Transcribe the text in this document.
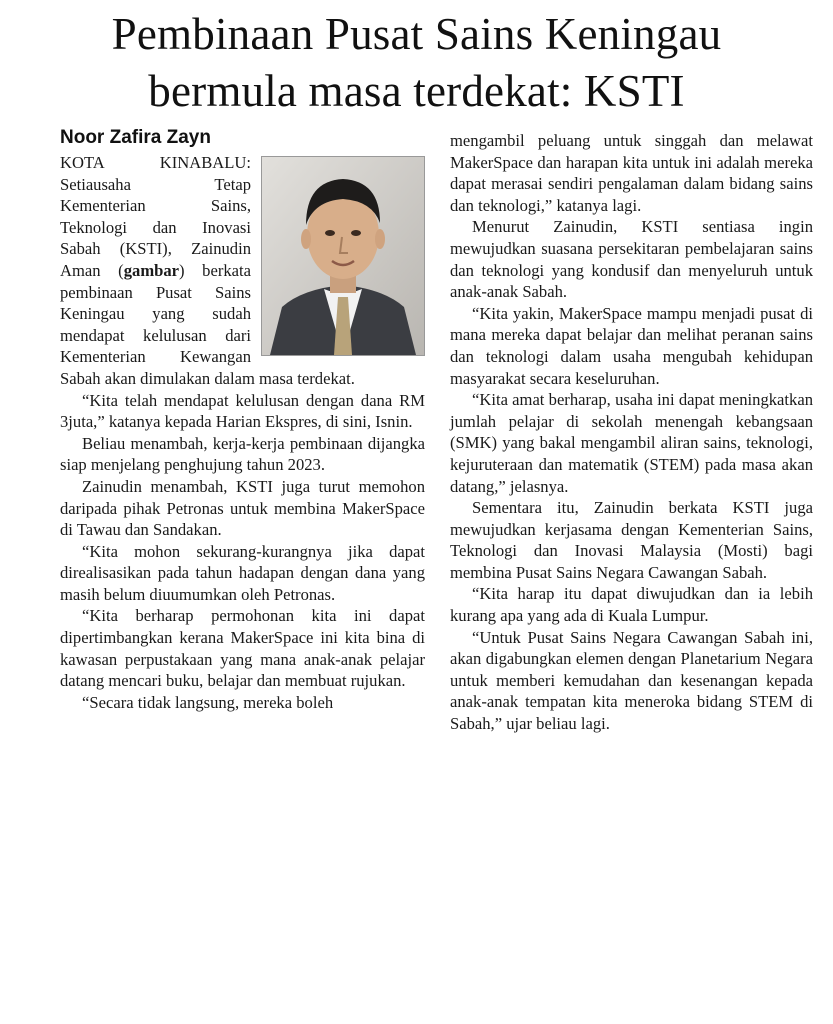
Pembinaan Pusat Sains Keningau
bermula masa terdekat: KSTI
Noor Zafira Zayn

KOTA KINABALU: Setiausaha Tetap Kementerian Sains, Teknologi dan Inovasi Sabah (KSTI), Zainudin Aman (gambar) berkata pembinaan Pusat Sains Keningau yang sudah mendapat kelulusan dari Kementerian Kewangan Sabah akan dimulakan dalam masa terdekat.

“Kita telah mendapat kelulusan dengan dana RM 3juta,” katanya kepada Harian Ekspres, di sini, Isnin.

Beliau menambah, kerja-kerja pembinaan dijangka siap menjelang penghujung tahun 2023.

Zainudin menambah, KSTI juga turut memohon daripada pihak Petronas untuk membina MakerSpace di Tawau dan Sandakan.

“Kita mohon sekurang-kurangnya jika dapat direalisasikan pada tahun hadapan dengan dana yang masih belum diuumumkan oleh Petronas.

“Kita berharap permohonan kita ini dapat dipertimbangkan kerana MakerSpace ini kita bina di kawasan perpustakaan yang mana anak-anak pelajar datang mencari buku, belajar dan membuat rujukan.

“Secara tidak langsung, mereka boleh

mengambil peluang untuk singgah dan melawat MakerSpace dan harapan kita untuk ini adalah mereka dapat merasai sendiri pengalaman dalam bidang sains dan teknologi,” katanya lagi.

Menurut Zainudin, KSTI sentiasa ingin mewujudkan suasana persekitaran pembelajaran sains dan teknologi yang kondusif dan menyeluruh untuk anak-anak Sabah.

“Kita yakin, MakerSpace mampu menjadi pusat di mana mereka dapat belajar dan melihat peranan sains dan teknologi dalam usaha mengubah kehidupan masyarakat secara keseluruhan.

“Kita amat berharap, usaha ini dapat meningkatkan jumlah pelajar di sekolah menengah kebangsaan (SMK) yang bakal mengambil aliran sains, teknologi, kejuruteraan dan matematik (STEM) pada masa akan datang,” jelasnya.

Sementara itu, Zainudin berkata KSTI juga mewujudkan kerjasama dengan Kementerian Sains, Teknologi dan Inovasi Malaysia (Mosti) bagi membina Pusat Sains Negara Cawangan Sabah.

“Kita harap itu dapat diwujudkan dan ia lebih kurang apa yang ada di Kuala Lumpur.

“Untuk Pusat Sains Negara Cawangan Sabah ini, akan digabungkan elemen dengan Planetarium Negara untuk memberi kemudahan dan kesenangan kepada anak-anak tempatan kita meneroka bidang STEM di Sabah,” ujar beliau lagi.
